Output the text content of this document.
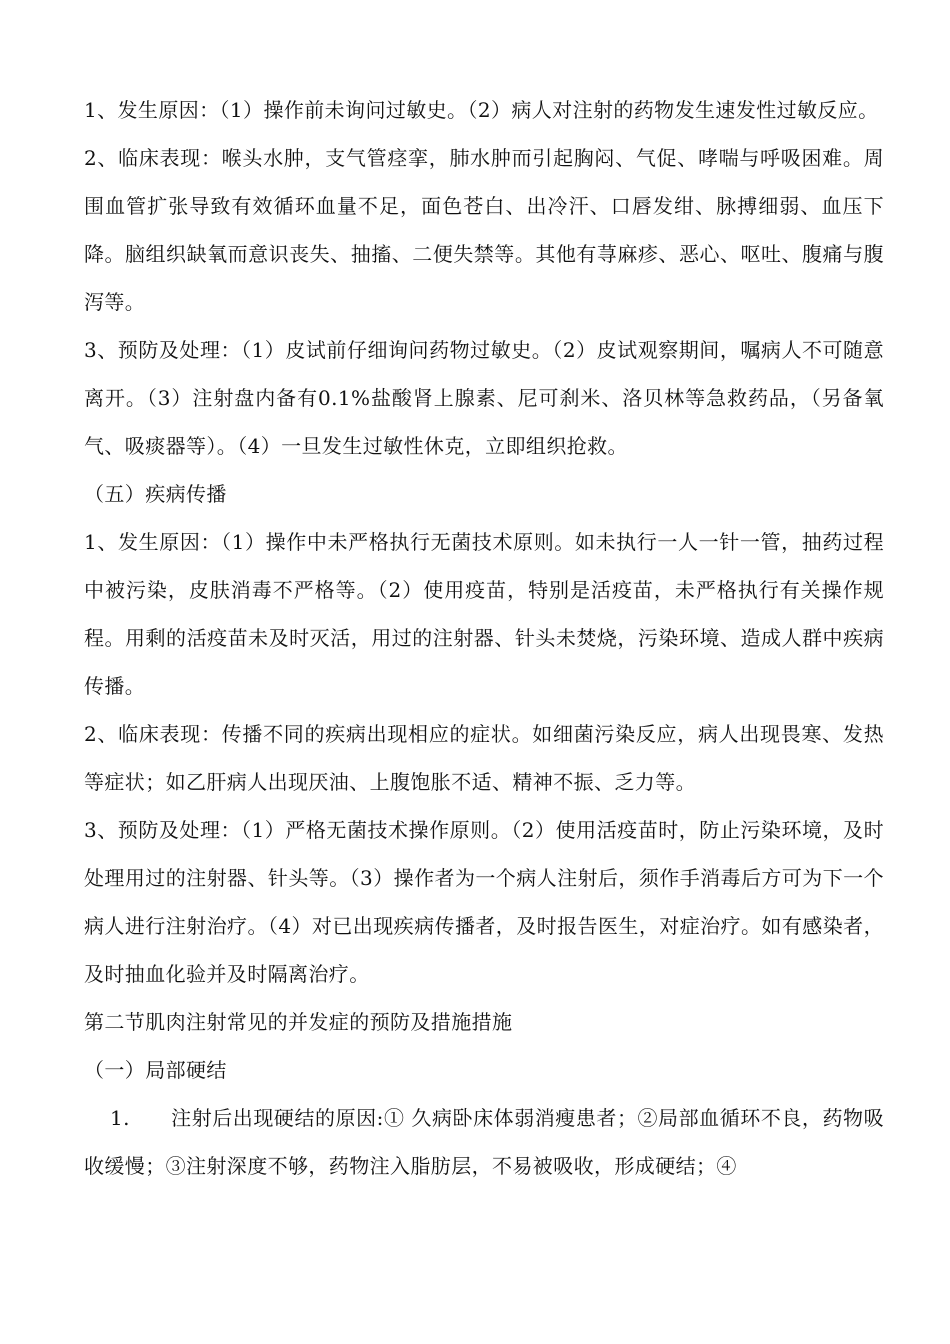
1、发生原因：（1）操作前未询问过敏史。（2）病人对注射的药物发生速发性过敏反应。

2、临床表现：喉头水肿，支气管痉挛，肺水肿而引起胸闷、气促、哮喘与呼吸困难。周围血管扩张导致有效循环血量不足，面色苍白、出冷汗、口唇发绀、脉搏细弱、血压下降。脑组织缺氧而意识丧失、抽搐、二便失禁等。其他有荨麻疹、恶心、呕吐、腹痛与腹泻等。

3、预防及处理：（1）皮试前仔细询问药物过敏史。（2）皮试观察期间，嘱病人不可随意离开。（3）注射盘内备有0.1%盐酸肾上腺素、尼可刹米、洛贝林等急救药品，（另备氧气、吸痰器等）。（4）一旦发生过敏性休克，立即组织抢救。

（五）疾病传播

1、发生原因：（1）操作中未严格执行无菌技术原则。如未执行一人一针一管，抽药过程中被污染，皮肤消毒不严格等。（2）使用疫苗，特别是活疫苗，未严格执行有关操作规程。用剩的活疫苗未及时灭活，用过的注射器、针头未焚烧，污染环境、造成人群中疾病传播。

2、临床表现：传播不同的疾病出现相应的症状。如细菌污染反应，病人出现畏寒、发热等症状；如乙肝病人出现厌油、上腹饱胀不适、精神不振、乏力等。

3、预防及处理：（1）严格无菌技术操作原则。（2）使用活疫苗时，防止污染环境，及时处理用过的注射器、针头等。（3）操作者为一个病人注射后，须作手消毒后方可为下一个病人进行注射治疗。（4）对已出现疾病传播者，及时报告医生，对症治疗。如有感染者，及时抽血化验并及时隔离治疗。

第二节肌肉注射常见的并发症的预防及措施措施

（一）局部硬结

1.　　注射后出现硬结的原因:① 久病卧床体弱消瘦患者；②局部血循环不良，药物吸收缓慢；③注射深度不够，药物注入脂肪层，不易被吸收，形成硬结；④
